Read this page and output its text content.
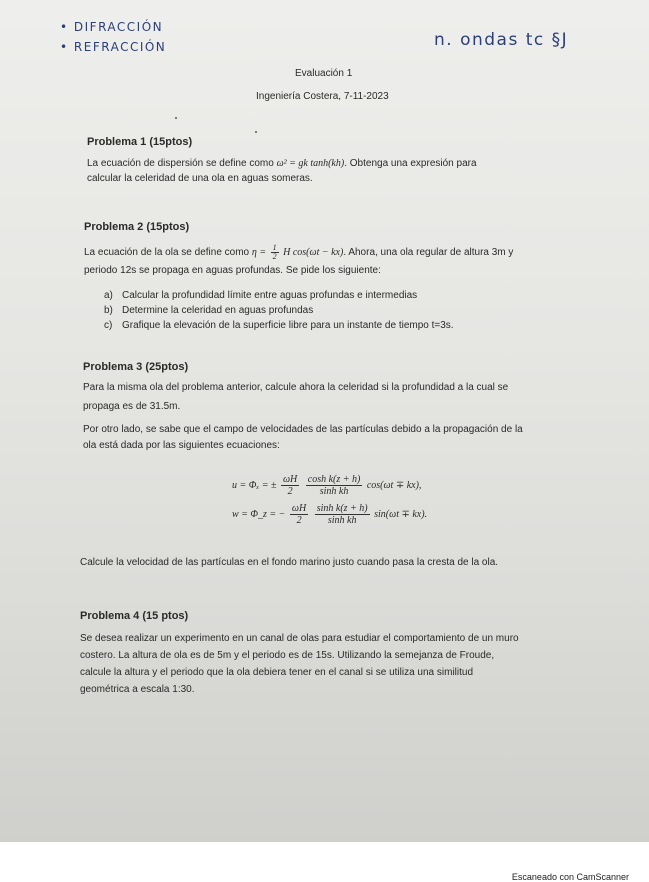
• DIFRACCIÓN
• REFRACCIÓN	n. ondas tc §J
Evaluación 1
Ingeniería Costera, 7-11-2023
Problema 1 (15ptos)
La ecuación de dispersión se define como ω² = gk tanh(kh). Obtenga una expresión para
calcular la celeridad de una ola en aguas someras.
Problema 2 (15ptos)
La ecuación de la ola se define como $\eta = \frac{1}{2}$ H cos(ωt − kx). Ahora, una ola regular de altura 3m y
periodo 12s se propaga en aguas profundas. Se pide los siguiente:
a) Calcular la profundidad límite entre aguas profundas e intermedias
b) Determine la celeridad en aguas profundas
c) Grafique la elevación de la superficie libre para un instante de tiempo t=3s.
Problema 3 (25ptos)
Para la misma ola del problema anterior, calcule ahora la celeridad si la profundidad a la cual se
propaga es de 31.5m.
Por otro lado, se sabe que el campo de velocidades de las partículas debido a la propagación de la
ola está dada por las siguientes ecuaciones:
u = Φₓ = ± $\frac{\omega H}{2}$
$\frac{\text{cosh k(z + h)}}{\text{sinh kh}} \cos(\omega t \mp kx)$,
w = Φ_z = − $\frac{\omega H}{2}$
$\frac{\text{sinh k(z + h)}}{\text{sinh kh}} \sin(\omega t \mp kx)$.
Calcule la velocidad de las partículas en el fondo marino justo cuando pasa la cresta de la ola.
Problema 4 (15 ptos)
Se desea realizar un experimento en un canal de olas para estudiar el comportamiento de un muro
costero. La altura de ola es de 5m y el periodo es de 15s. Utilizando la semejanza de Froude,
calcule la altura y el periodo que la ola debiera tener en el canal si se utiliza una similitud
geométrica a escala 1:30.
Escaneado con CamScanner
